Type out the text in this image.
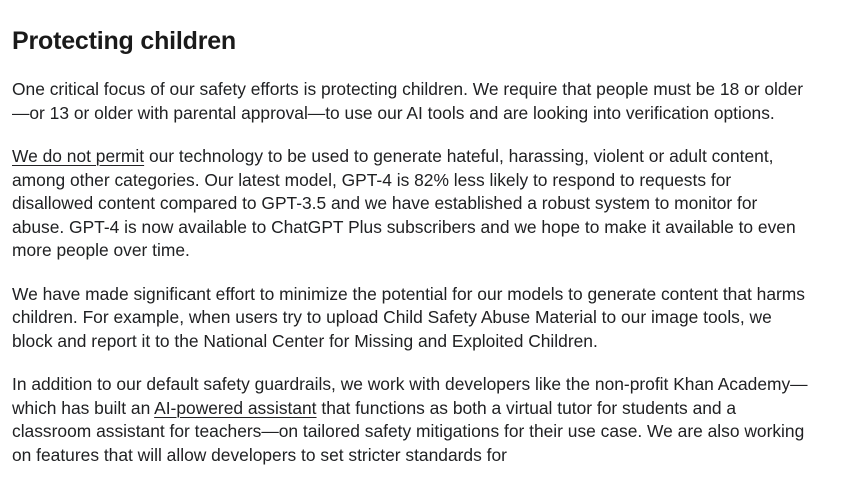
Protecting children

One critical focus of our safety efforts is protecting children. We require that people must be 18 or older—or 13 or older with parental approval—to use our AI tools and are looking into verification options.

We do not permit our technology to be used to generate hateful, harassing, violent or adult content, among other categories. Our latest model, GPT-4 is 82% less likely to respond to requests for disallowed content compared to GPT-3.5 and we have established a robust system to monitor for abuse. GPT-4 is now available to ChatGPT Plus subscribers and we hope to make it available to even more people over time.

We have made significant effort to minimize the potential for our models to generate content that harms children. For example, when users try to upload Child Safety Abuse Material to our image tools, we block and report it to the National Center for Missing and Exploited Children.

In addition to our default safety guardrails, we work with developers like the non-profit Khan Academy—which has built an AI-powered assistant that functions as both a virtual tutor for students and a classroom assistant for teachers—on tailored safety mitigations for their use case. We are also working on features that will allow developers to set stricter standards for
